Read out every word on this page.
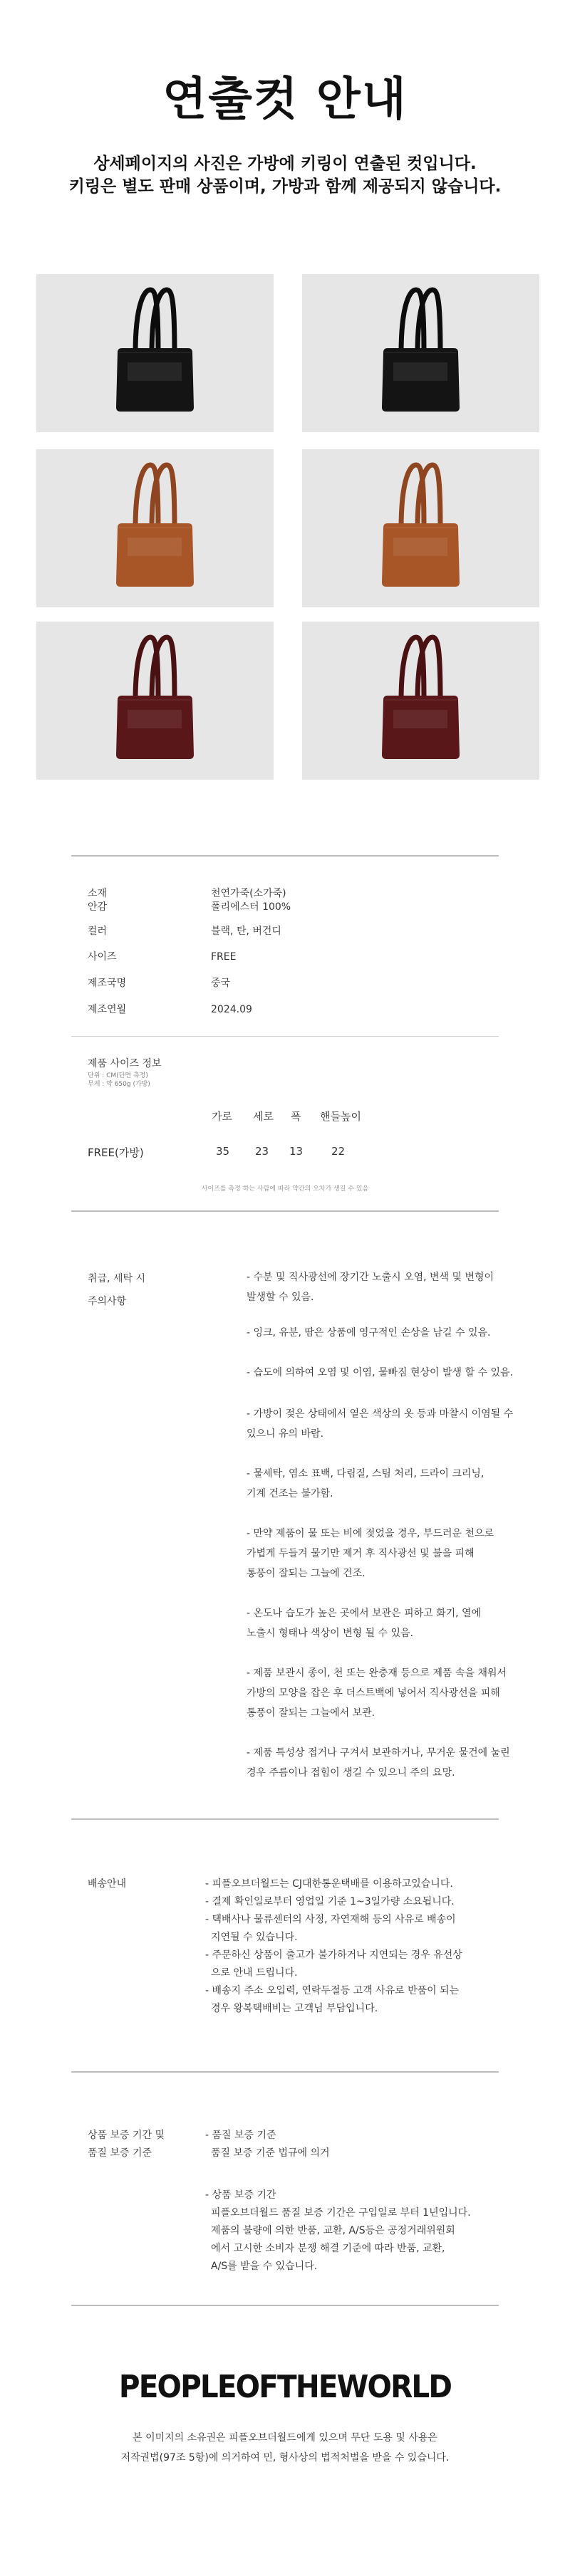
연출컷 안내
상세페이지의 사진은 가방에 키링이 연출된 컷입니다.
키링은 별도 판매 상품이며, 가방과 함께 제공되지 않습니다.
소재	천연가죽(소가죽)
안감	폴리에스터 100%
컬러	블랙, 탄, 버건디
사이즈	FREE
제조국명	중국
제조연월	2024.09
제품 사이즈 정보
단위 : CM(단면 측정)
무게 : 약 650g (가방)
가로 세로 폭 핸들높이
FREE(가방)	35 23 13	22
사이즈를 측정 하는 사람에 따라 약간의 오차가 생길 수 있음
취급, 세탁 시
주의사항
- 수분 및 직사광선에 장기간 노출시 오염, 변색 및 변형이
발생할 수 있음.
- 잉크, 유분, 땀은 상품에 영구적인 손상을 남길 수 있음.
- 습도에 의하여 오염 및 이염, 물빠짐 현상이 발생 할 수 있음.
- 가방이 젖은 상태에서 옅은 색상의 옷 등과 마찰시 이염될 수
있으니 유의 바람.
- 물세탁, 염소 표백, 다림질, 스팀 처리, 드라이 크리닝,
기계 건조는 불가함.
- 만약 제품이 물 또는 비에 젖었을 경우, 부드러운 천으로
가볍게 두들겨 물기만 제거 후 직사광선 및 불을 피해
통풍이 잘되는 그늘에 건조.
- 온도나 습도가 높은 곳에서 보관은 피하고 화기, 열에
노출시 형태나 색상이 변형 될 수 있음.
- 제품 보관시 종이, 천 또는 완충재 등으로 제품 속을 채워서
가방의 모양을 잡은 후 더스트백에 넣어서 직사광선을 피해
통풍이 잘되는 그늘에서 보관.
- 제품 특성상 접거나 구겨서 보관하거나, 무거운 물건에 눌린
경우 주름이나 접힘이 생길 수 있으니 주의 요망.
배송안내	- 피플오브더월드는 CJ대한통운택배를 이용하고있습니다.
- 결제 확인일로부터 영업일 기준 1~3일가량 소요됩니다.
- 택배사나 물류센터의 사정, 자연재해 등의 사유로 배송이
지연될 수 있습니다.
- 주문하신 상품이 출고가 불가하거나 지연되는 경우 유선상
으로 안내 드립니다.
- 배송지 주소 오입력, 연락두절등 고객 사유로 반품이 되는
경우 왕복택배비는 고객님 부담입니다.
상품 보증 기간 및
품질 보증 기준
- 품질 보증 기준
품질 보증 기준 법규에 의거
- 상품 보증 기간
피플오브더월드 품질 보증 기간은 구입일로 부터 1년입니다.
제품의 불량에 의한 반품, 교환, A/S등은 공정거래위원회
에서 고시한 소비자 분쟁 해결 기준에 따라 반품, 교환,
A/S를 받을 수 있습니다.
PEOPLEOFTHEWORLD
본 이미지의 소유권은 피플오브더월드에게 있으며 무단 도용 및 사용은
저작권법(97조 5항)에 의거하여 민, 형사상의 법적처벌을 받을 수 있습니다.
